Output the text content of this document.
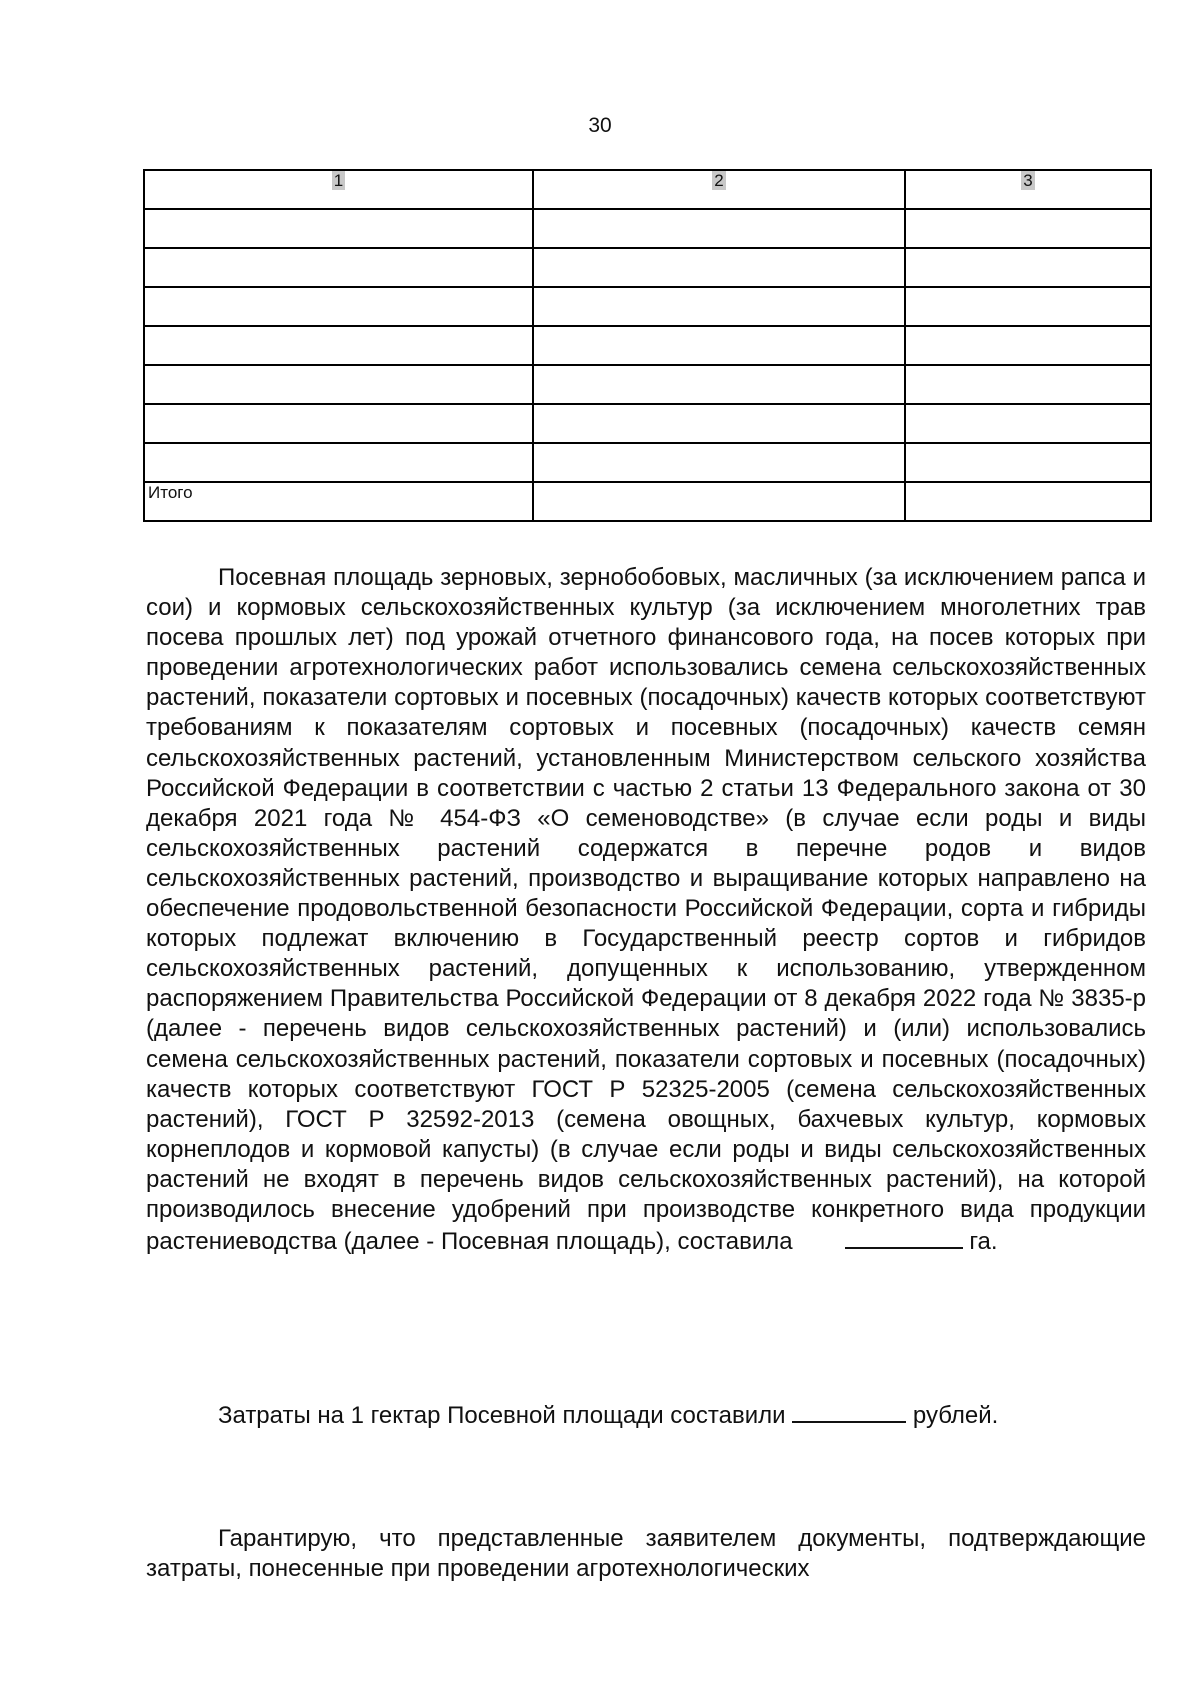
30
1	2	3

Итого		

Посевная площадь зерновых, зернобобовых, масличных (за исключением рапса и сои) и кормовых сельскохозяйственных культур (за исключением многолетних трав посева прошлых лет) под урожай отчетного финансового года, на посев которых при проведении агротехнологических работ использовались семена сельскохозяйственных растений, показатели сортовых и посевных (посадочных) качеств которых соответствуют требованиям к показателям сортовых и посевных (посадочных) качеств семян сельскохозяйственных растений, установленным Министерством сельского хозяйства Российской Федерации в соответствии с частью 2 статьи 13 Федерального закона от 30 декабря 2021 года № 454-ФЗ «О семеноводстве» (в случае если роды и виды сельскохозяйственных растений содержатся в перечне родов и видов сельскохозяйственных растений, производство и выращивание которых направлено на обеспечение продовольственной безопасности Российской Федерации, сорта и гибриды которых подлежат включению в Государственный реестр сортов и гибридов сельскохозяйственных растений, допущенных к использованию, утвержденном распоряжением Правительства Российской Федерации от 8 декабря 2022 года № 3835-р (далее - перечень видов сельскохозяйственных растений) и (или) использовались семена сельскохозяйственных растений, показатели сортовых и посевных (посадочных) качеств которых соответствуют ГОСТ Р 52325-2005 (семена сельскохозяйственных растений), ГОСТ Р 32592-2013 (семена овощных, бахчевых культур, кормовых корнеплодов и кормовой капусты) (в случае если роды и виды сельскохозяйственных растений не входят в перечень видов сельскохозяйственных растений), на которой производилось внесение удобрений при производстве конкретного вида продукции растениеводства (далее - Посевная площадь), составила	га.

Затраты на 1 гектар Посевной площади составили	рублей.

Гарантирую, что представленные заявителем документы, подтверждающие затраты, понесенные при проведении агротехнологических
